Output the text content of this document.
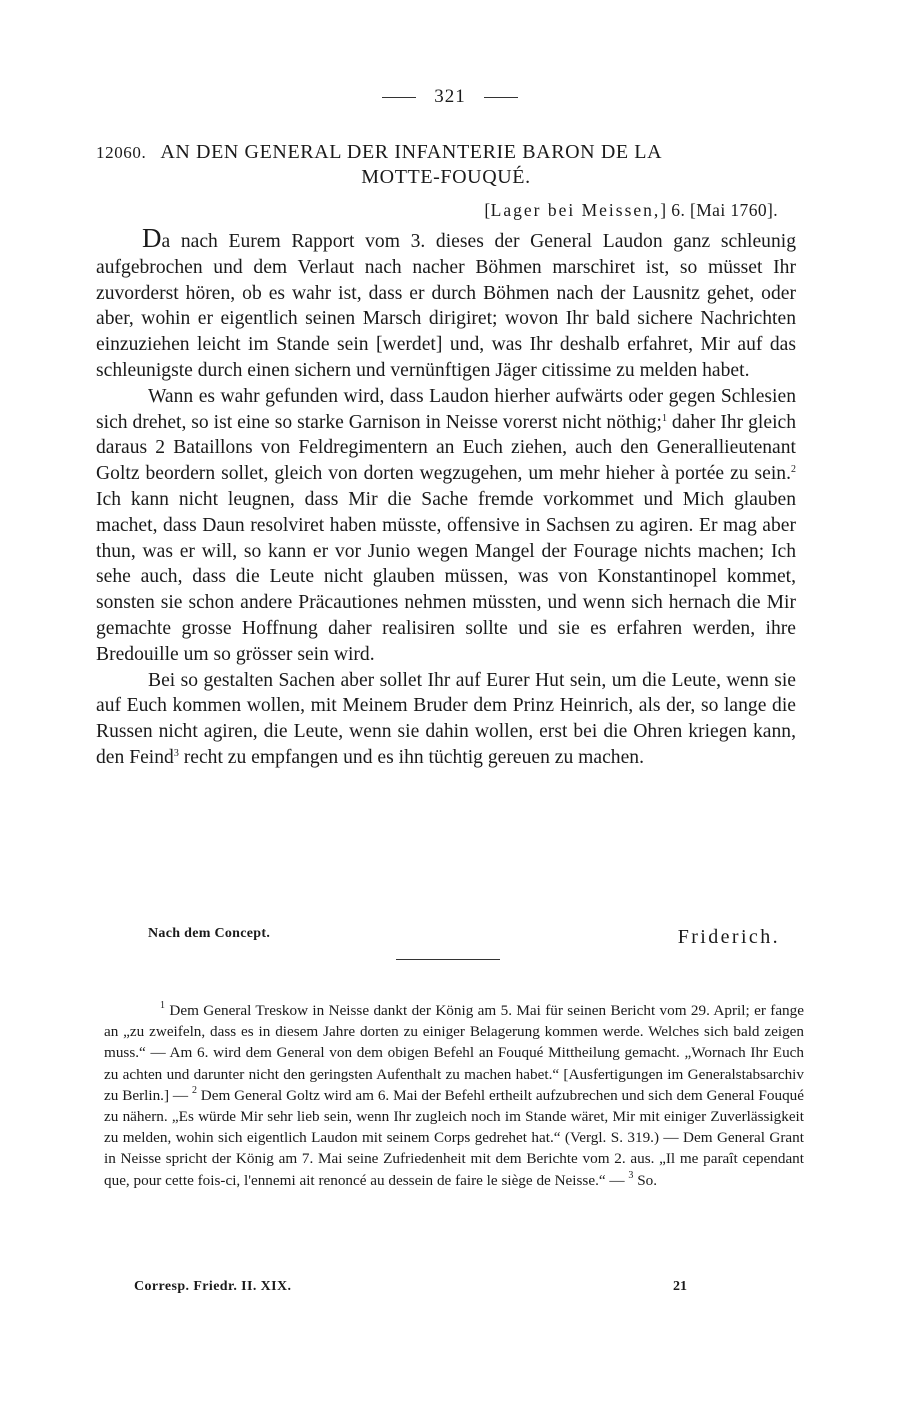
321
12060. AN DEN GENERAL DER INFANTERIE BARON DE LA
MOTTE-FOUQUÉ.
[Lager bei Meissen,] 6. [Mai 1760].

Da nach Eurem Rapport vom 3. dieses der General Laudon ganz schleunig aufgebrochen und dem Verlaut nach nacher Böhmen marschiret ist, so müsset Ihr zuvorderst hören, ob es wahr ist, dass er durch Böhmen nach der Lausnitz gehet, oder aber, wohin er eigentlich seinen Marsch dirigiret; wovon Ihr bald sichere Nachrichten einzuziehen leicht im Stande sein [werdet] und, was Ihr deshalb erfahret, Mir auf das schleunigste durch einen sichern und vernünftigen Jäger citissime zu melden habet.

Wann es wahr gefunden wird, dass Laudon hierher aufwärts oder gegen Schlesien sich drehet, so ist eine so starke Garnison in Neisse vorerst nicht nöthig;$^1$ daher Ihr gleich daraus 2 Bataillons von Feldregimentern an Euch ziehen, auch den Generallieutenant Goltz beordern sollet, gleich von dorten wegzugehen, um mehr hieher à portée zu sein.$^2$ Ich kann nicht leugnen, dass Mir die Sache fremde vorkommet und Mich glauben machet, dass Daun resolviret haben müsste, offensive in Sachsen zu agiren. Er mag aber thun, was er will, so kann er vor Junio wegen Mangel der Fourage nichts machen; Ich sehe auch, dass die Leute nicht glauben müssen, was von Konstantinopel kommet, sonsten sie schon andere Präcautiones nehmen müssten, und wenn sich hernach die Mir gemachte grosse Hoffnung daher realisiren sollte und sie es erfahren werden, ihre Bredouille um so grösser sein wird.

Bei so gestalten Sachen aber sollet Ihr auf Eurer Hut sein, um die Leute, wenn sie auf Euch kommen wollen, mit Meinem Bruder dem Prinz Heinrich, als der, so lange die Russen nicht agiren, die Leute, wenn sie dahin wollen, erst bei die Ohren kriegen kann, den Feind$^3$ recht zu empfangen und es ihn tüchtig gereuen zu machen.

Nach dem Concept.	Friderich.

$^1$ Dem General Treskow in Neisse dankt der König am 5. Mai für seinen Bericht vom 29. April; er fange an „zu zweifeln, dass es in diesem Jahre dorten zu einiger Belagerung kommen werde. Welches sich bald zeigen muss.“ — Am 6. wird dem General von dem obigen Befehl an Fouqué Mittheilung gemacht. „Wornach Ihr Euch zu achten und darunter nicht den geringsten Aufenthalt zu machen habet.“ [Ausfertigungen im Generalstabsarchiv zu Berlin.] — $^2$ Dem General Goltz wird am 6. Mai der Befehl ertheilt aufzubrechen und sich dem General Fouqué zu nähern. „Es würde Mir sehr lieb sein, wenn Ihr zugleich noch im Stande wäret, Mir mit einiger Zuverlässigkeit zu melden, wohin sich eigentlich Laudon mit seinem Corps gedrehet hat.“ (Vergl. S. 319.) — Dem General Grant in Neisse spricht der König am 7. Mai seine Zufriedenheit mit dem Berichte vom 2. aus. „Il me paraît cependant que, pour cette fois-ci, l'ennemi ait renoncé au dessein de faire le siège de Neisse.“ — $^3$ So.

Corresp. Friedr. II. XIX.	21
